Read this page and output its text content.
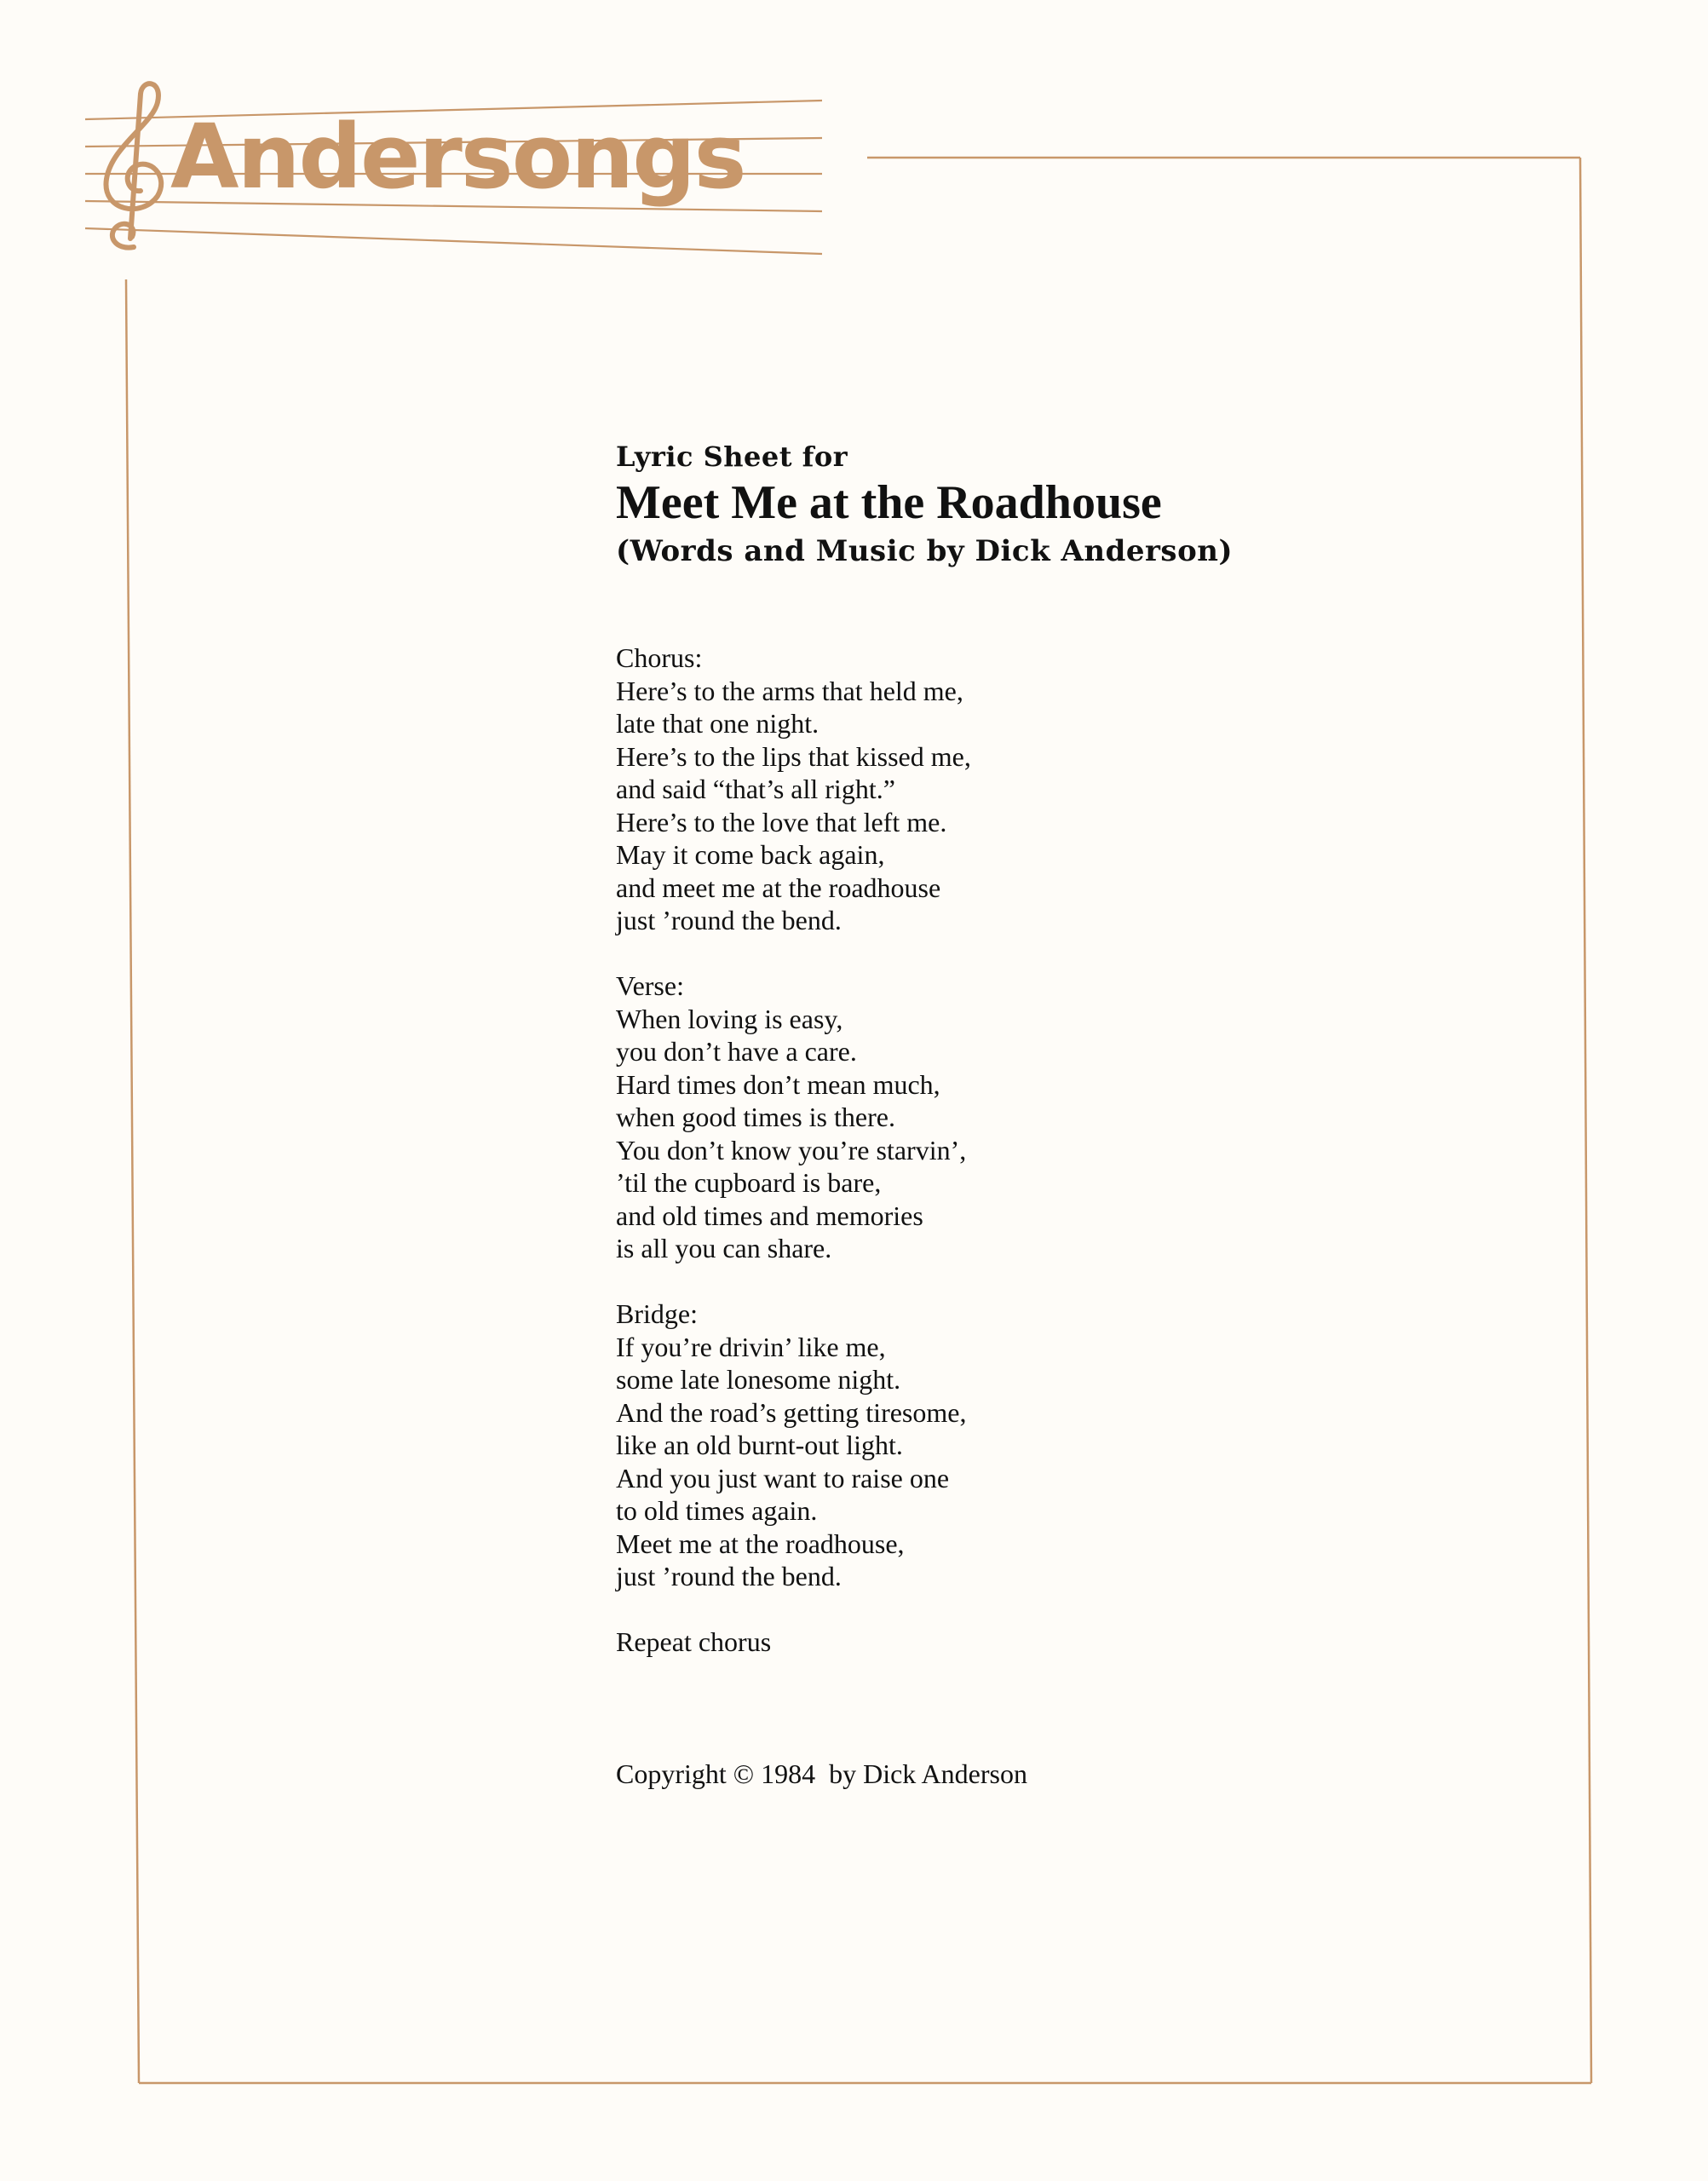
Andersongs

Lyric Sheet for

Meet Me at the Roadhouse

(Words and Music by Dick Anderson)

Chorus:
Here’s to the arms that held me,
late that one night.
Here’s to the lips that kissed me,
and said “that’s all right.”
Here’s to the love that left me.
May it come back again,
and meet me at the roadhouse
just ’round the bend.
Verse:
When loving is easy,
you don’t have a care.
Hard times don’t mean much,
when good times is there.
You don’t know you’re starvin’,
’til the cupboard is bare,
and old times and memories
is all you can share.
Bridge:
If you’re drivin’ like me,
some late lonesome night.
And the road’s getting tiresome,
like an old burnt-out light.
And you just want to raise one
to old times again.
Meet me at the roadhouse,
just ’round the bend.
Repeat chorus
Copyright © 1984  by Dick Anderson
